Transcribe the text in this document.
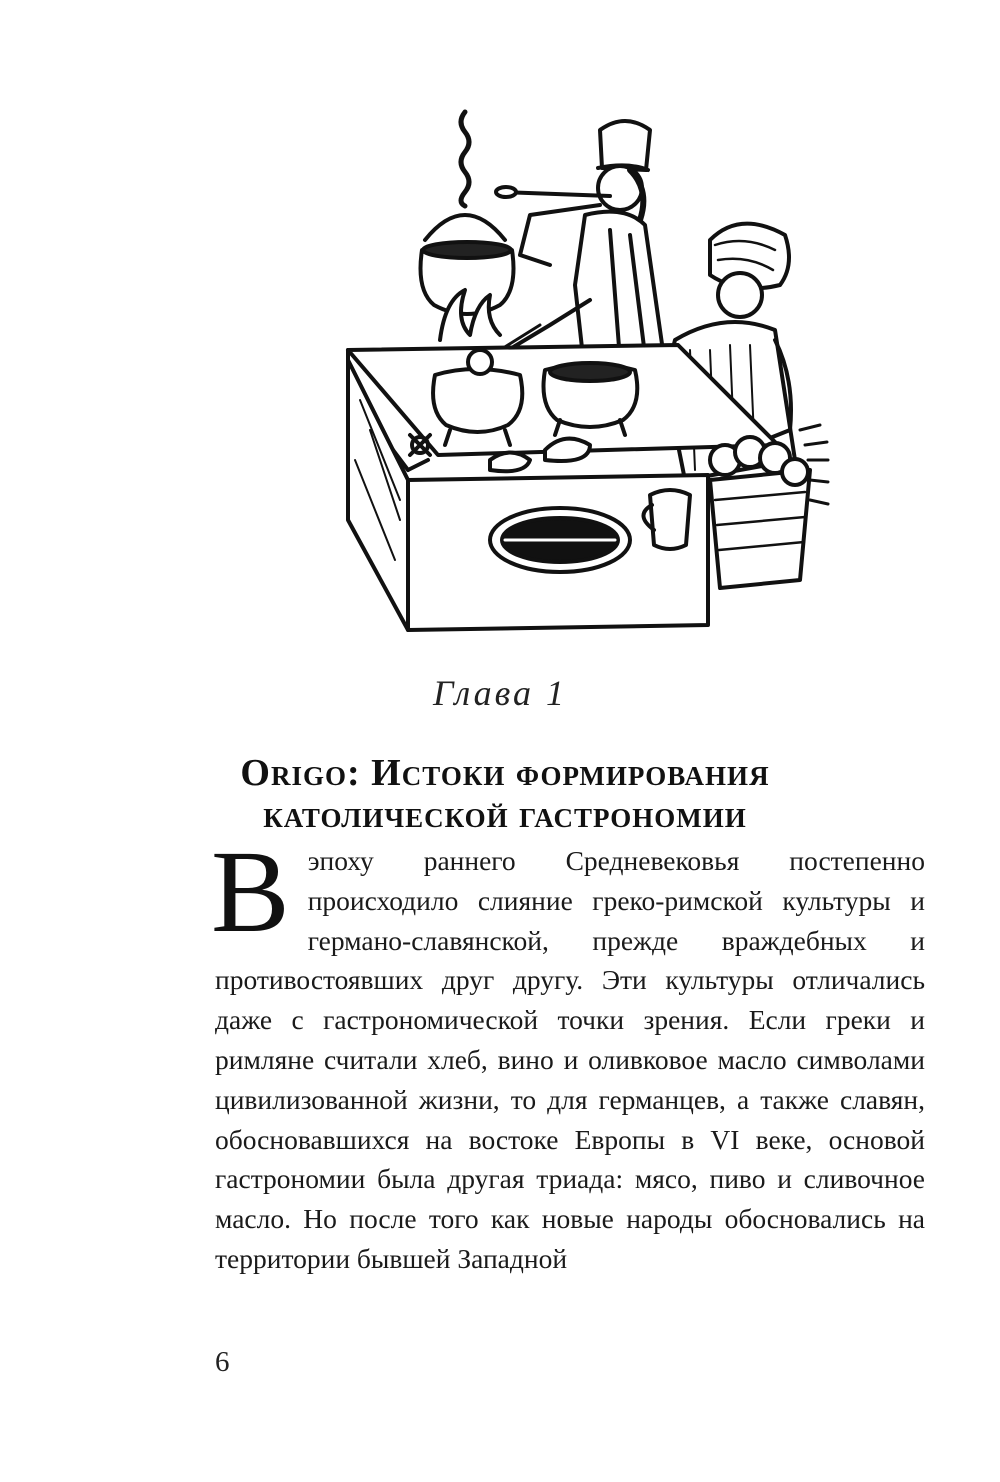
Глава 1
Origo: Истоки формирования
католической гастрономии

Вэпоху раннего Средневековья постепенно происходило слияние греко-римской культуры и германо-славянской, прежде враждебных и противостоявших друг другу. Эти культуры отличались даже с гастрономической точки зрения. Если греки и римляне считали хлеб, вино и оливковое масло символами цивилизованной жизни, то для германцев, а также славян, обосновавшихся на востоке Европы в VI веке, основой гастрономии была другая триада: мясо, пиво и сливочное масло. Но после того как новые народы обосновались на территории бывшей Западной

6
